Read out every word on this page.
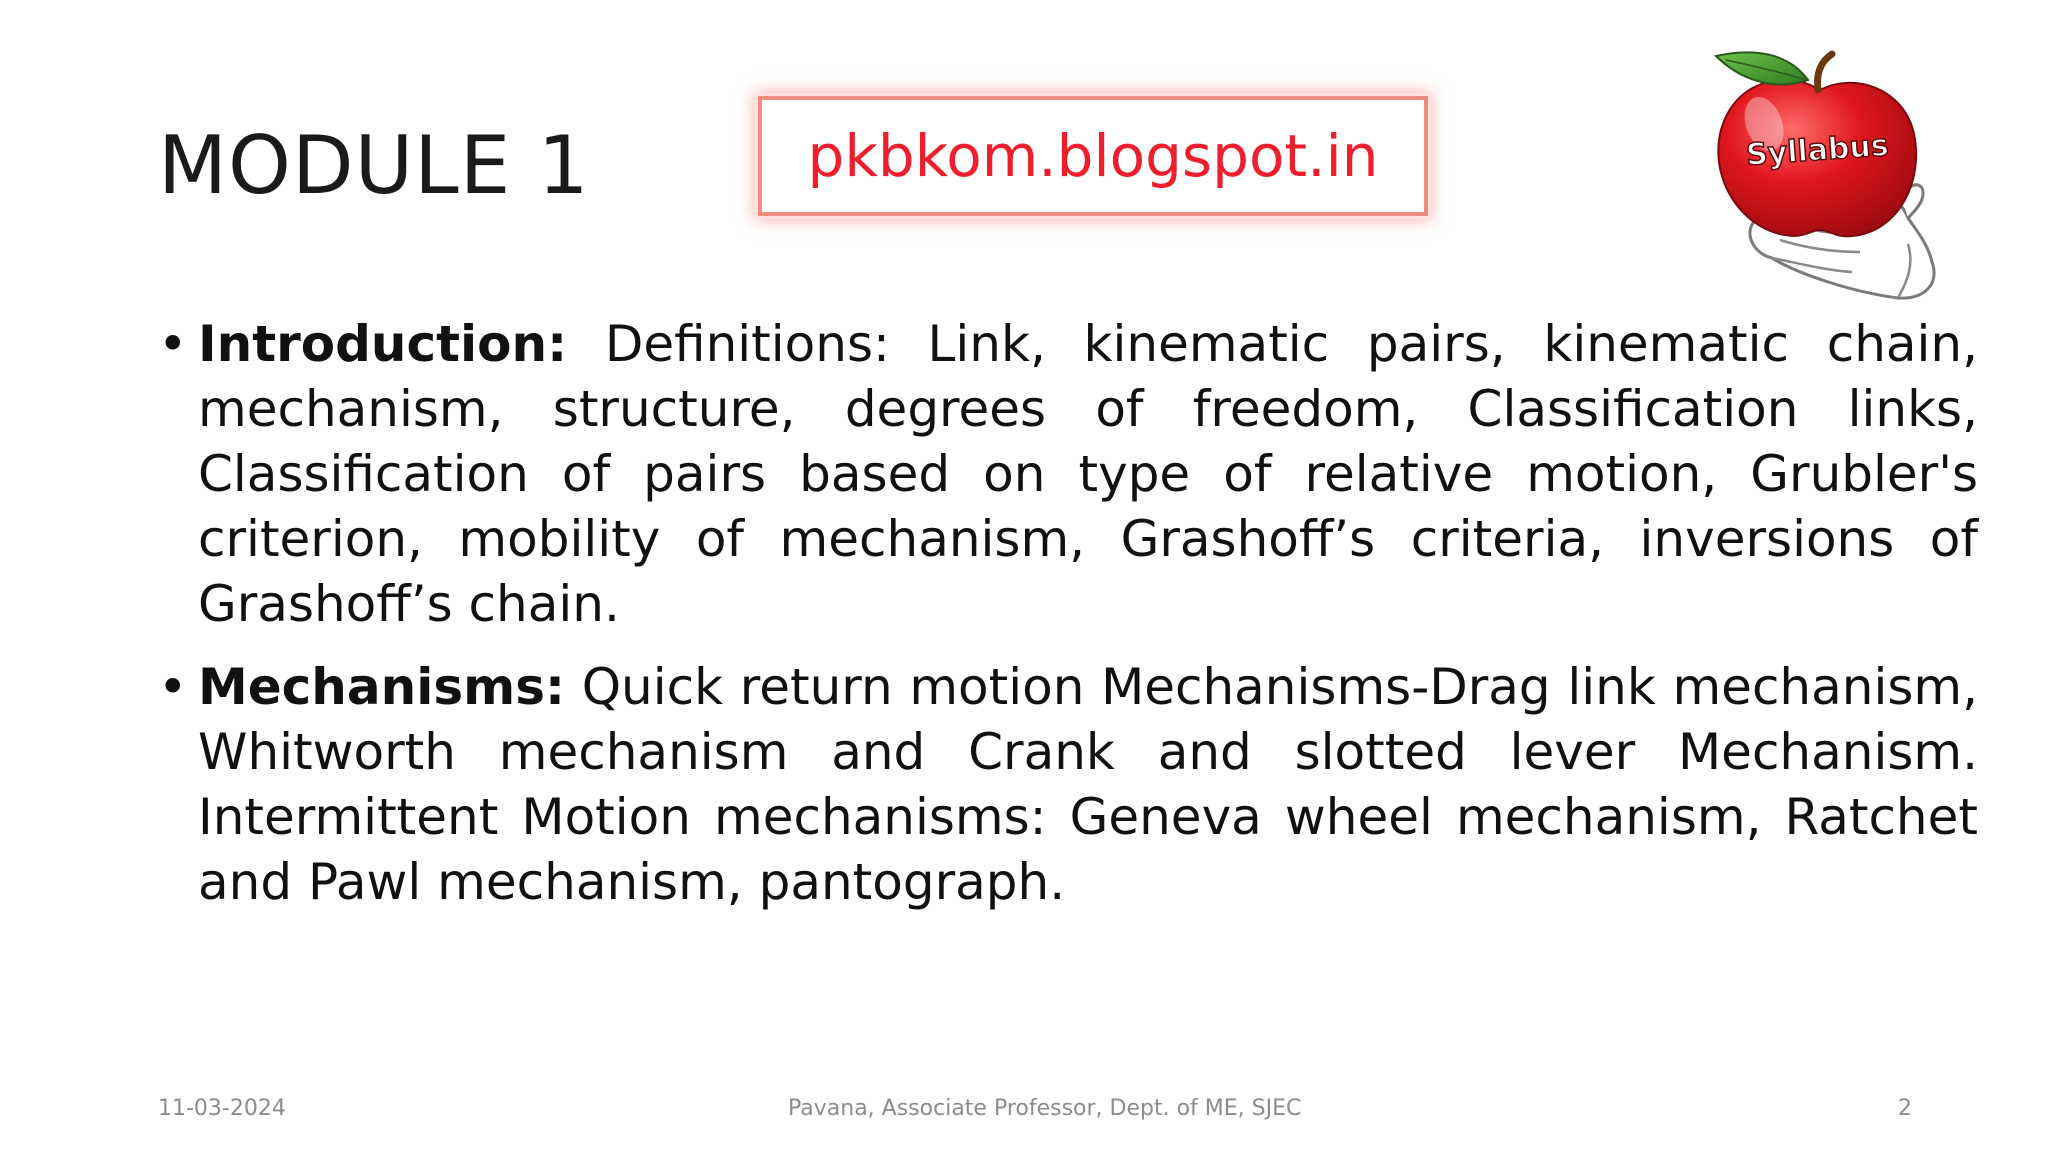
MODULE 1	pkbkom.blogspot.in	Syllabus
• Introduction: Definitions: Link, kinematic pairs, kinematic chain, mechanism, structure, degrees of freedom, Classification links, Classification of pairs based on type of relative motion, Grubler's criterion, mobility of mechanism, Grashoff’s criteria, inversions of Grashoff’s chain.
• Mechanisms: Quick return motion Mechanisms-Drag link mechanism, Whitworth mechanism and Crank and slotted lever Mechanism. Intermittent Motion mechanisms: Geneva wheel mechanism, Ratchet and Pawl mechanism, pantograph.
11-03-2024	Pavana, Associate Professor, Dept. of ME, SJEC	2
